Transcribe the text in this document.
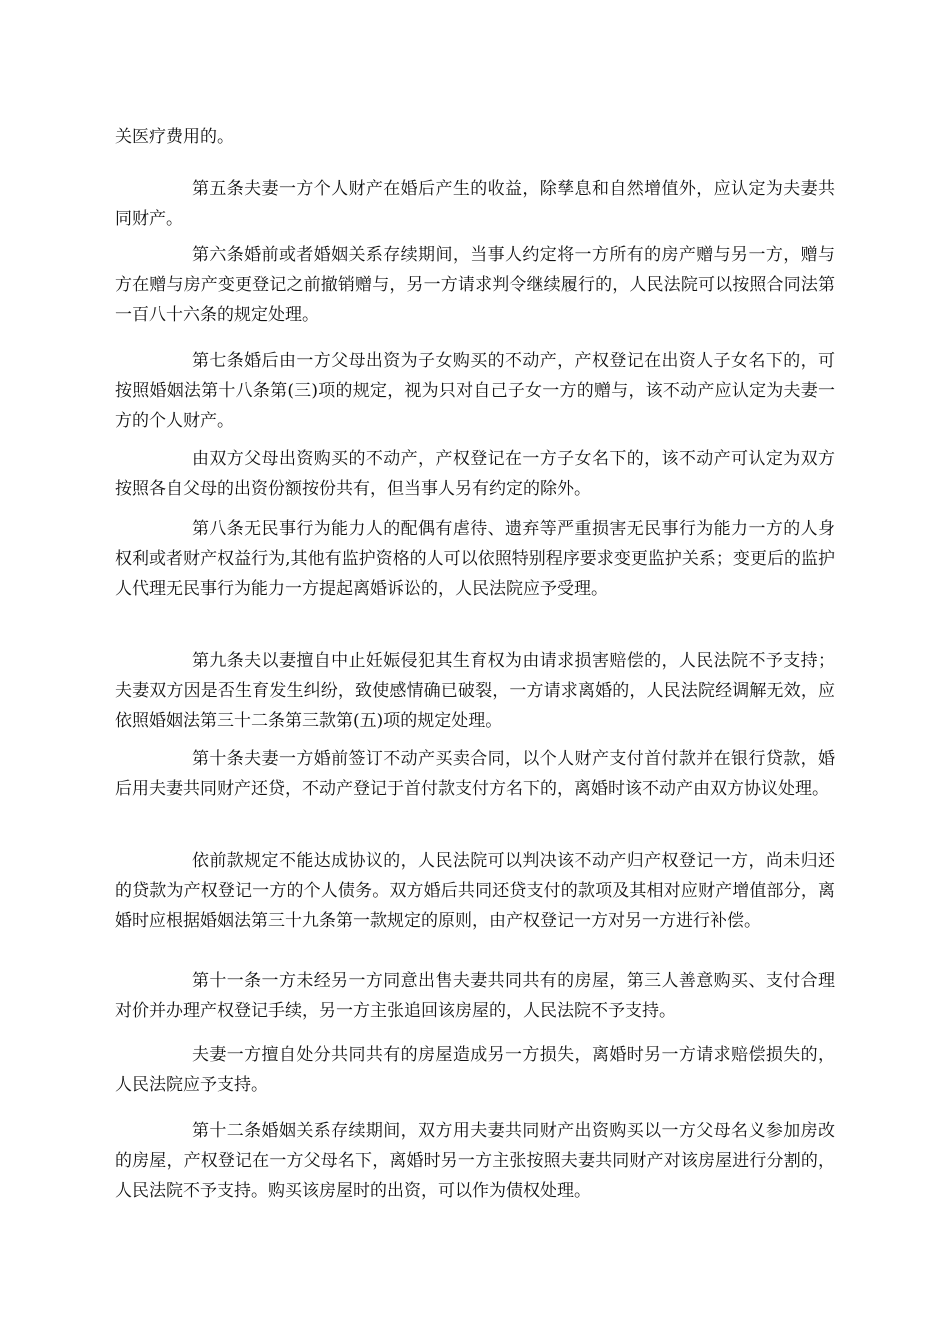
关医疗费用的。

第五条夫妻一方个人财产在婚后产生的收益，除孳息和自然增值外，应认定为夫妻共同财产。

第六条婚前或者婚姻关系存续期间，当事人约定将一方所有的房产赠与另一方，赠与方在赠与房产变更登记之前撤销赠与，另一方请求判令继续履行的，人民法院可以按照合同法第一百八十六条的规定处理。

第七条婚后由一方父母出资为子女购买的不动产，产权登记在出资人子女名下的，可按照婚姻法第十八条第(三)项的规定，视为只对自己子女一方的赠与，该不动产应认定为夫妻一方的个人财产。

由双方父母出资购买的不动产，产权登记在一方子女名下的，该不动产可认定为双方按照各自父母的出资份额按份共有，但当事人另有约定的除外。

第八条无民事行为能力人的配偶有虐待、遗弃等严重损害无民事行为能力一方的人身权利或者财产权益行为,其他有监护资格的人可以依照特别程序要求变更监护关系；变更后的监护人代理无民事行为能力一方提起离婚诉讼的，人民法院应予受理。

第九条夫以妻擅自中止妊娠侵犯其生育权为由请求损害赔偿的，人民法院不予支持；夫妻双方因是否生育发生纠纷，致使感情确已破裂，一方请求离婚的，人民法院经调解无效，应依照婚姻法第三十二条第三款第(五)项的规定处理。

第十条夫妻一方婚前签订不动产买卖合同，以个人财产支付首付款并在银行贷款，婚后用夫妻共同财产还贷，不动产登记于首付款支付方名下的，离婚时该不动产由双方协议处理。

依前款规定不能达成协议的，人民法院可以判决该不动产归产权登记一方，尚未归还的贷款为产权登记一方的个人债务。双方婚后共同还贷支付的款项及其相对应财产增值部分，离婚时应根据婚姻法第三十九条第一款规定的原则，由产权登记一方对另一方进行补偿。

第十一条一方未经另一方同意出售夫妻共同共有的房屋，第三人善意购买、支付合理对价并办理产权登记手续，另一方主张追回该房屋的，人民法院不予支持。

夫妻一方擅自处分共同共有的房屋造成另一方损失，离婚时另一方请求赔偿损失的，人民法院应予支持。

第十二条婚姻关系存续期间，双方用夫妻共同财产出资购买以一方父母名义参加房改的房屋，产权登记在一方父母名下，离婚时另一方主张按照夫妻共同财产对该房屋进行分割的，人民法院不予支持。购买该房屋时的出资，可以作为债权处理。
